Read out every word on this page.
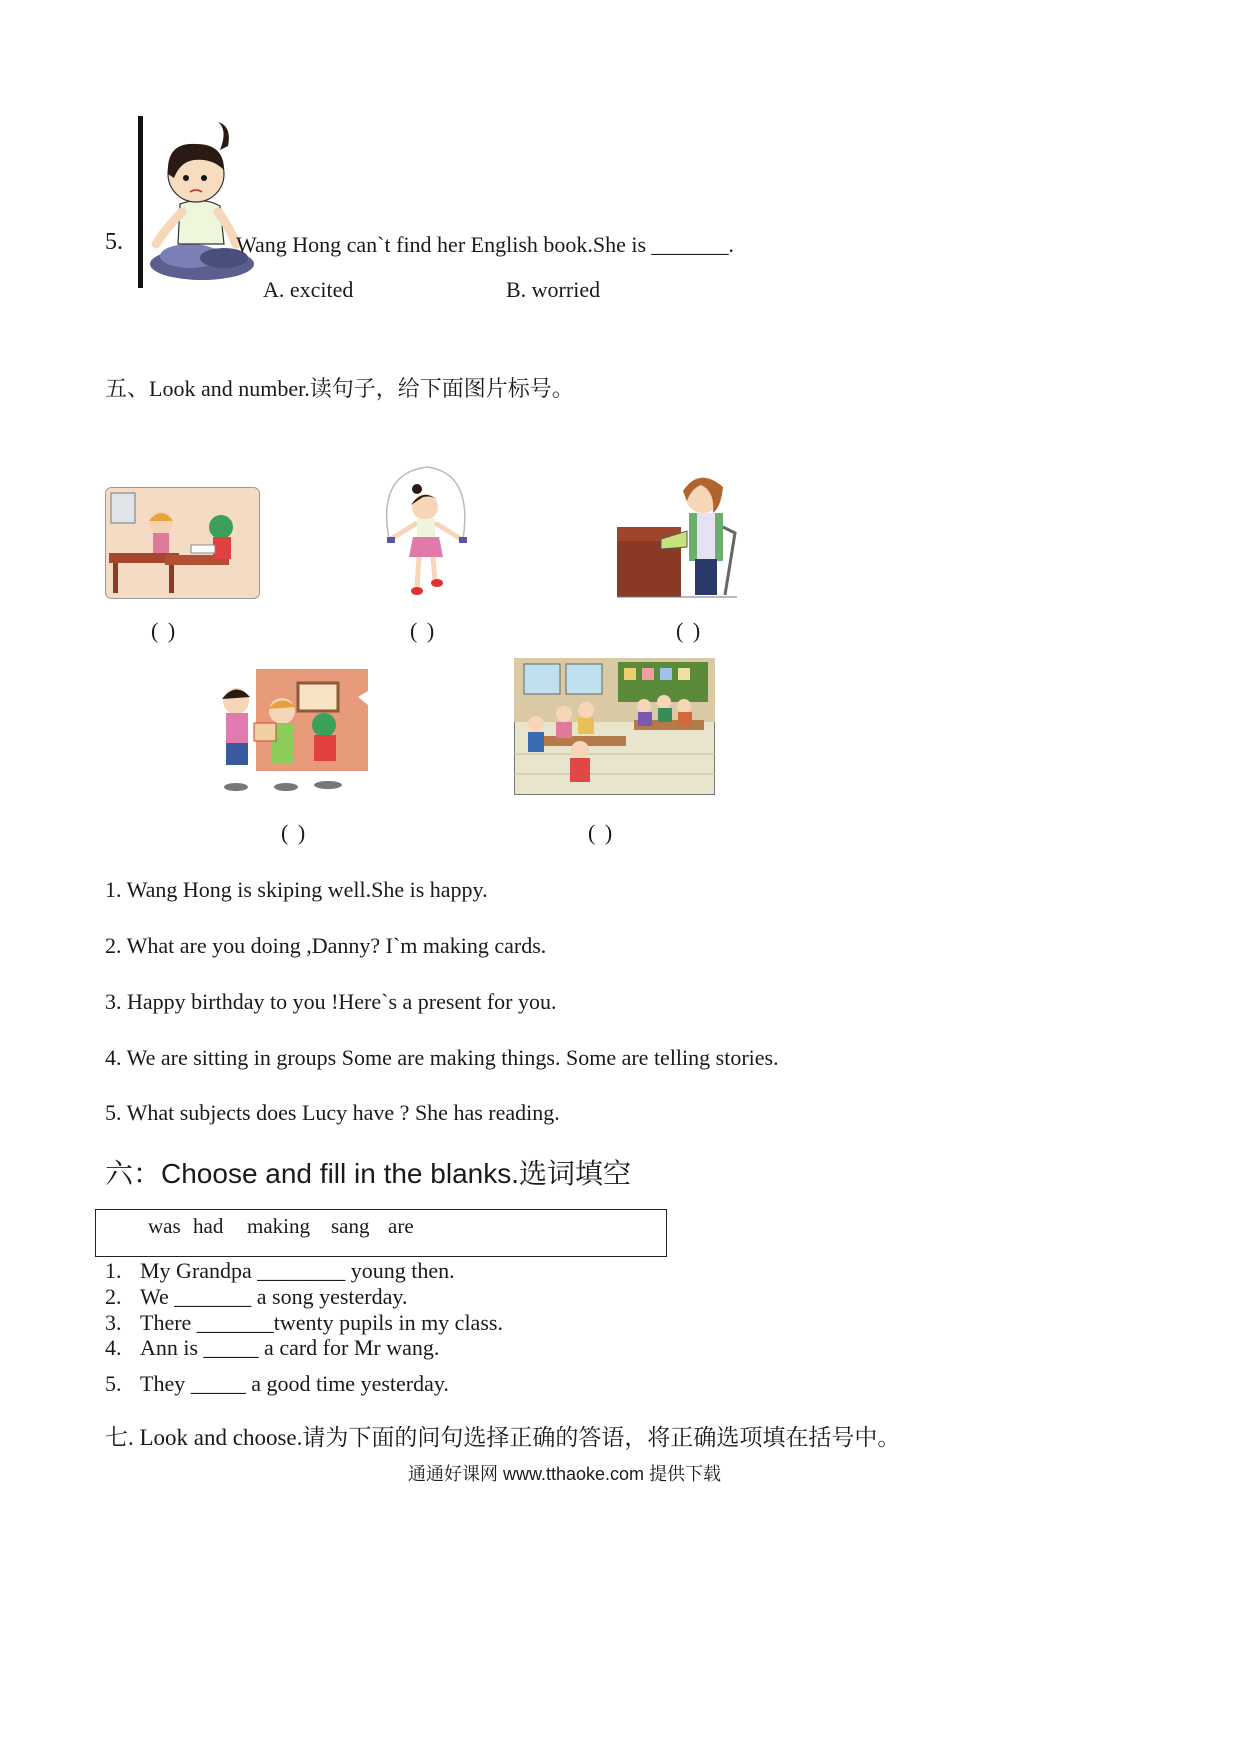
5.	Wang Hong can`t find her English book.She is _______.
A. excited	B. worried
五、Look and number.读句子，给下面图片标号。
( )	( )	( )
( )	( )
1. Wang Hong is skiping well.She is happy.
2. What are you doing ,Danny? I`m making cards.
3. Happy birthday to you !Here`s a present for you.
4. We are sitting in groups Some are making things. Some are telling stories.
5. What subjects does Lucy have ? She has reading.
六：Choose and fill in the blanks.选词填空
was had making sang are
1. My Grandpa ________ young then.
2. We _______ a song yesterday.
3. There _______twenty pupils in my class.
4. Ann is _____ a card for Mr wang.
5. They _____ a good time yesterday.
七. Look and choose.请为下面的问句选择正确的答语，将正确选项填在括号中。
通通好课网 www.tthaoke.com 提供下载
